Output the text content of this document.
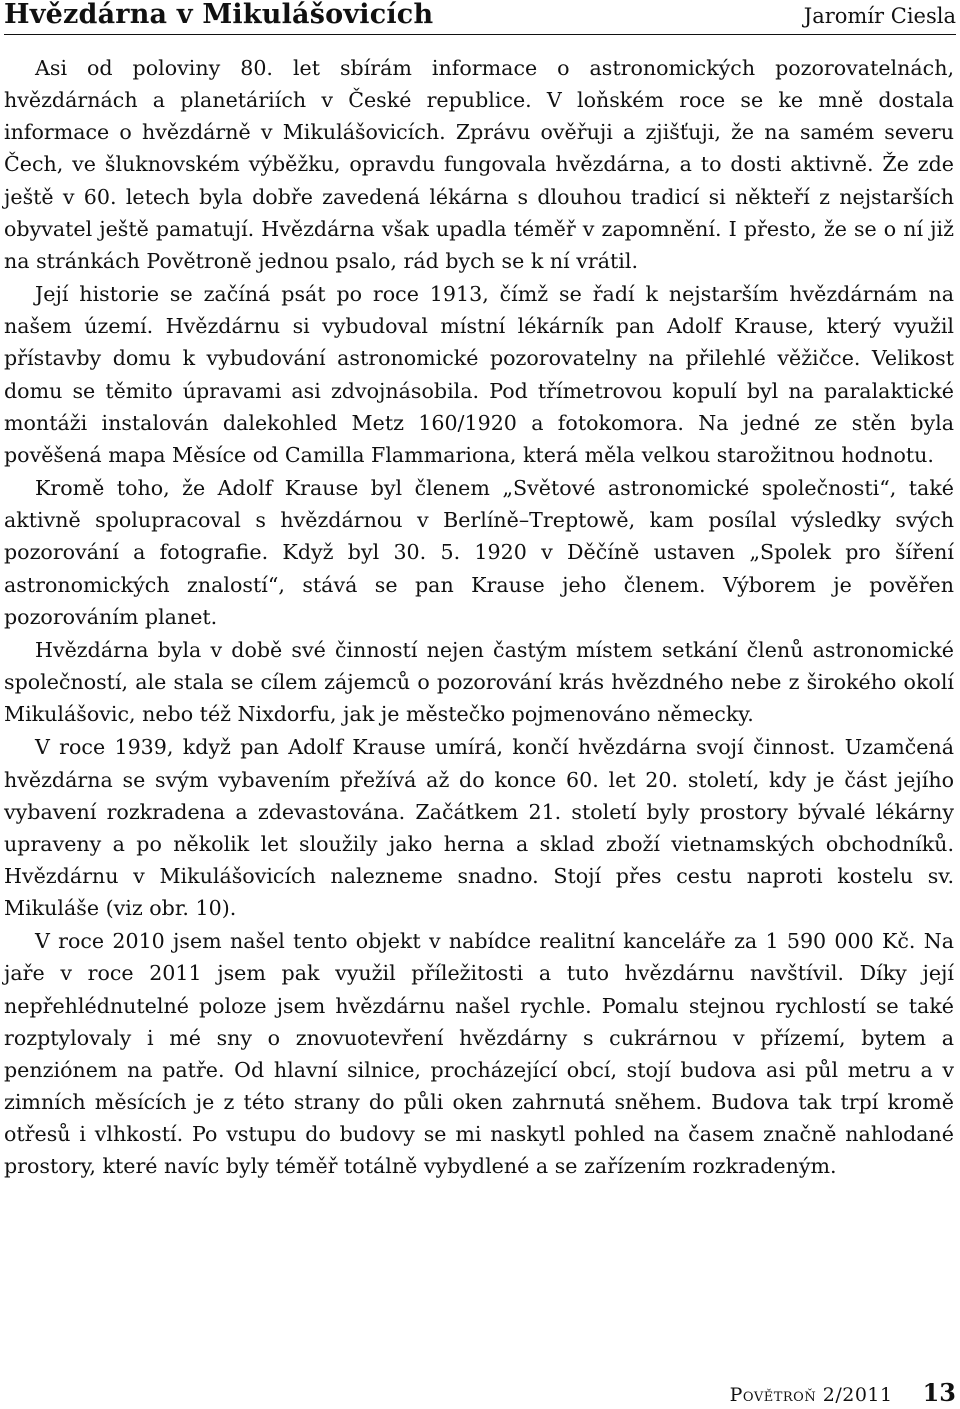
Hvězdárna v Mikulášovicích	Jaromír Ciesla

Asi od poloviny 80. let sbírám informace o astronomických pozorovatelnách, hvězdárnách a planetáriích v České republice. V loňském roce se ke mně dostala informace o hvězdárně v Mikulášovicích. Zprávu ověřuji a zjišťuji, že na samém severu Čech, ve šluknovském výběžku, opravdu fungovala hvězdárna, a to dosti aktivně. Že zde ještě v 60. letech byla dobře zavedená lékárna s dlouhou tradicí si někteří z nejstarších obyvatel ještě pamatují. Hvězdárna však upadla téměř v zapomnění. I přesto, že se o ní již na stránkách Povětroně jednou psalo, rád bych se k ní vrátil.

Její historie se začíná psát po roce 1913, čímž se řadí k nejstarším hvězdárnám na našem území. Hvězdárnu si vybudoval místní lékárník pan Adolf Krause, který využil přístavby domu k vybudování astronomické pozorovatelny na přilehlé věžičce. Velikost domu se těmito úpravami asi zdvojnásobila. Pod třímetrovou kopulí byl na paralaktické montáži instalován dalekohled Metz 160/1920 a fotokomora. Na jedné ze stěn byla pověšená mapa Měsíce od Camilla Flammariona, která měla velkou starožitnou hodnotu.

Kromě toho, že Adolf Krause byl členem „Světové astronomické společnosti“, také aktivně spolupracoval s hvězdárnou v Berlíně–Treptowě, kam posílal výsledky svých pozorování a fotografie. Když byl 30. 5. 1920 v Děčíně ustaven „Spolek pro šíření astronomických znalostí“, stává se pan Krause jeho členem. Výborem je pověřen pozorováním planet.

Hvězdárna byla v době své činností nejen častým místem setkání členů astronomické společností, ale stala se cílem zájemců o pozorování krás hvězdného nebe z širokého okolí Mikulášovic, nebo též Nixdorfu, jak je městečko pojmenováno německy.

V roce 1939, když pan Adolf Krause umírá, končí hvězdárna svojí činnost. Uzamčená hvězdárna se svým vybavením přežívá až do konce 60. let 20. století, kdy je část jejího vybavení rozkradena a zdevastována. Začátkem 21. století byly prostory bývalé lékárny upraveny a po několik let sloužily jako herna a sklad zboží vietnamských obchodníků. Hvězdárnu v Mikulášovicích nalezneme snadno. Stojí přes cestu naproti kostelu sv. Mikuláše (viz obr. 10).

V roce 2010 jsem našel tento objekt v nabídce realitní kanceláře za 1 590 000 Kč. Na jaře v roce 2011 jsem pak využil příležitosti a tuto hvězdárnu navštívil. Díky její nepřehlédnutelné poloze jsem hvězdárnu našel rychle. Pomalu stejnou rychlostí se také rozptylovaly i mé sny o znovuotevření hvězdárny s cukrárnou v přízemí, bytem a penziónem na patře. Od hlavní silnice, procházející obcí, stojí budova asi půl metru a v zimních měsících je z této strany do půli oken zahrnutá sněhem. Budova tak trpí kromě otřesů i vlhkostí. Po vstupu do budovy se mi naskytl pohled na časem značně nahlodané prostory, které navíc byly téměř totálně vybydlené a se zařízením rozkradeným.

Povětroň 2/2011 13
